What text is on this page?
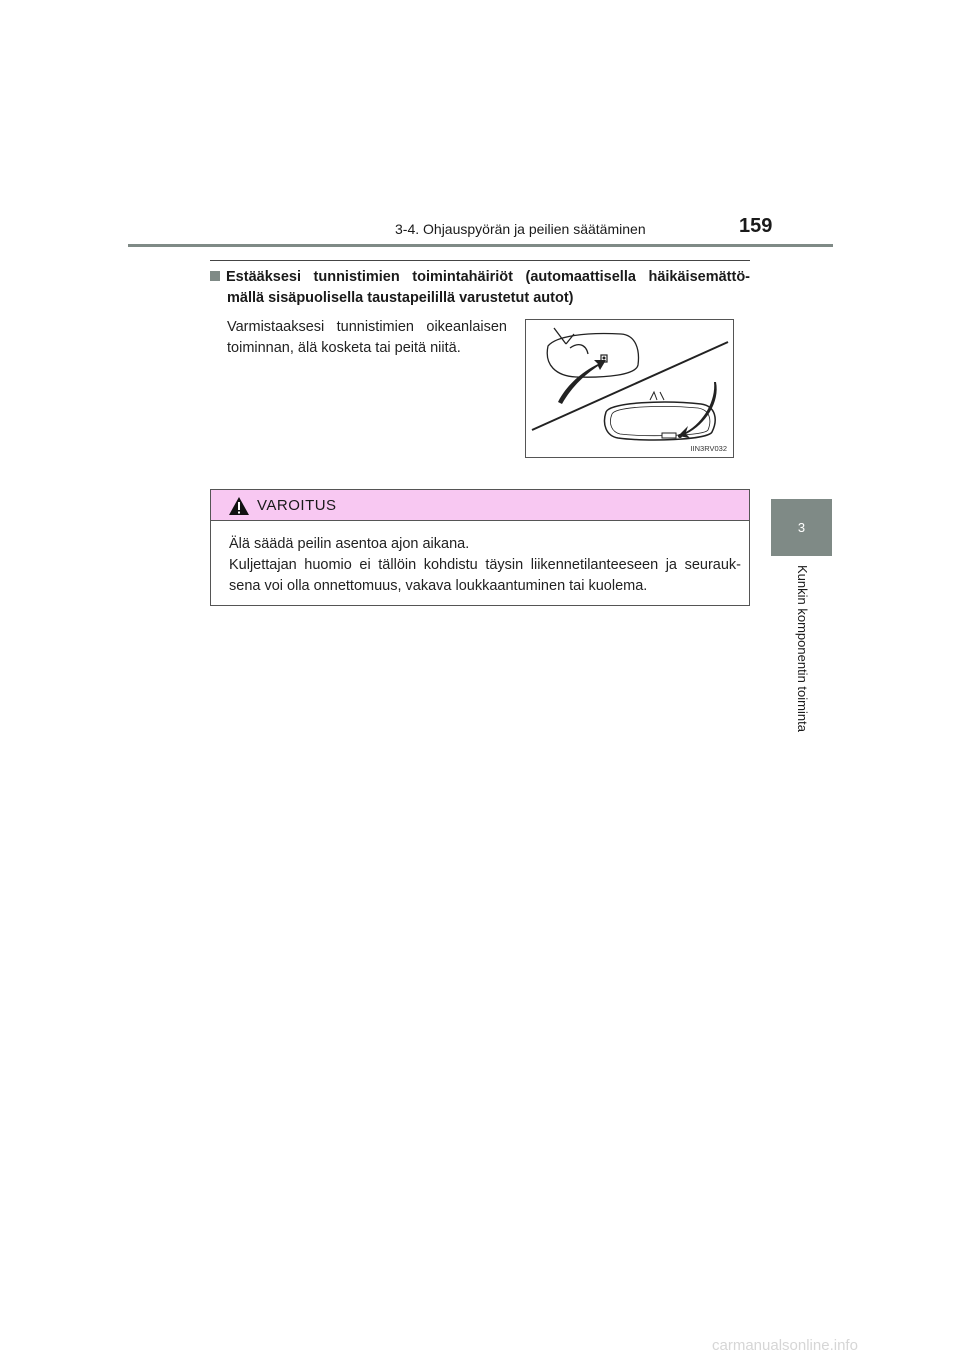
3-4. Ohjauspyörän ja peilien säätäminen	159
3
Kunkin komponentin toiminta
Estääksesi tunnistimien toimintahäiriöt (automaattisella häikäisemättö-
mällä sisäpuolisella taustapeilillä varustetut autot)
Varmistaaksesi tunnistimien oikeanlaisen
toiminnan, älä kosketa tai peitä niitä.
IIN3RV032
VAROITUS
Älä säädä peilin asentoa ajon aikana.
Kuljettajan huomio ei tällöin kohdistu täysin liikennetilanteeseen ja seurauk-
sena voi olla onnettomuus, vakava loukkaantuminen tai kuolema.
carmanualsonline.info
